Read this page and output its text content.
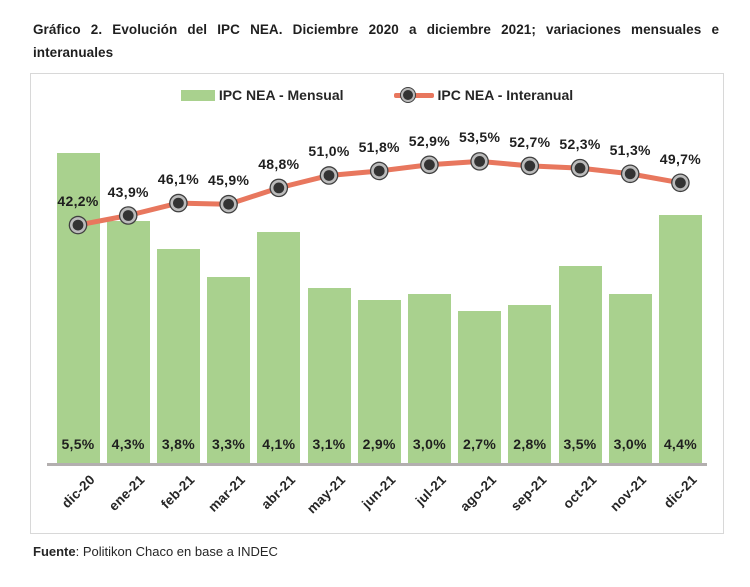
Gráfico 2. Evolución del IPC NEA. Diciembre 2020 a diciembre 2021; variaciones mensuales e interanuales
IPC NEA - Mensual	IPC NEA - Interanual
5,5%
42,2%
dic-20
4,3%
43,9%
ene-21
3,8%
46,1%
feb-21
3,3%
45,9%
mar-21
4,1%
48,8%
abr-21
3,1%
51,0%
may-21
2,9%
51,8%
jun-21
3,0%
52,9%
jul-21
2,7%
53,5%
ago-21
2,8%
52,7%
sep-21
3,5%
52,3%
oct-21
3,0%
51,3%
nov-21
4,4%
49,7%
dic-21
Fuente: Politikon Chaco en base a INDEC
